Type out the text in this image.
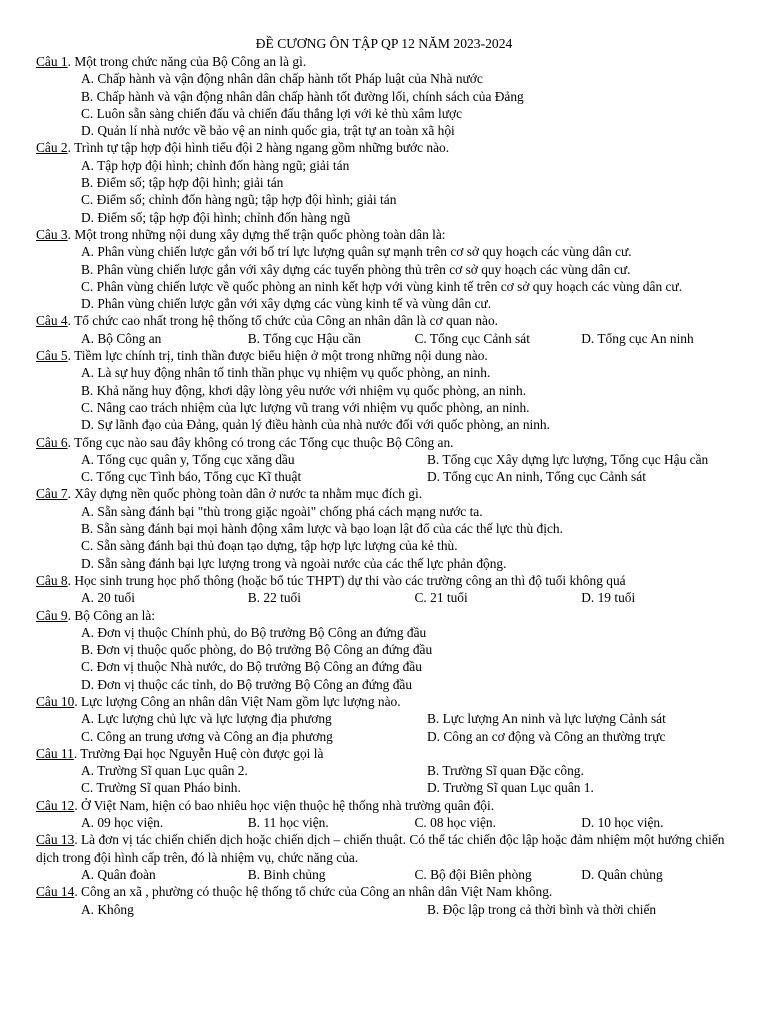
ĐỀ CƯƠNG ÔN TẬP QP 12 NĂM 2023-2024
Câu 1. Một trong chức năng của Bộ Công an là gì.
A. Chấp hành và vận động nhân dân chấp hành tốt Pháp luật của Nhà nước
B. Chấp hành và vận động nhân dân chấp hành tốt đường lối, chính sách của Đảng
C. Luôn sẵn sàng chiến đấu và chiến đấu thắng lợi với kẻ thù xâm lược
D. Quản lí nhà nước về bảo vệ an ninh quốc gia, trật tự an toàn xã hội
Câu 2. Trình tự tập hợp đội hình tiểu đội 2 hàng ngang gồm những bước nào.
A. Tập hợp đội hình; chỉnh đốn hàng ngũ; giải tán
B. Điểm số; tập hợp đội hình; giải tán
C. Điểm số; chỉnh đốn hàng ngũ; tập hợp đội hình; giải tán
D. Điểm số; tập hợp đội hình; chỉnh đốn hàng ngũ
Câu 3. Một trong những nội dung xây dựng thế trận quốc phòng toàn dân là:
A. Phân vùng chiến lược gắn với bố trí lực lượng quân sự mạnh trên cơ sở quy hoạch các vùng dân cư.
B. Phân vùng chiến lược gắn với xây dựng các tuyến phòng thủ trên cơ sở quy hoạch các vùng dân cư.
C. Phân vùng chiến lược về quốc phòng an ninh kết hợp với vùng kinh tế trên cơ sở quy hoạch các vùng dân cư.
D. Phân vùng chiến lược gắn với xây dựng các vùng kinh tế và vùng dân cư.
Câu 4. Tổ chức cao nhất trong hệ thống tổ chức của Công an nhân dân là cơ quan nào.
A. Bộ Công an	B. Tổng cục Hậu cần	C. Tổng cục Cảnh sát	D. Tổng cục An ninh
Câu 5. Tiềm lực chính trị, tinh thần được biểu hiện ở một trong những nội dung nào.
A. Là sự huy động nhân tố tinh thần phục vụ nhiệm vụ quốc phòng, an ninh.
B. Khả năng huy động, khơi dậy lòng yêu nước với nhiệm vụ quốc phòng, an ninh.
C. Nâng cao trách nhiệm của lực lượng vũ trang với nhiệm vụ quốc phòng, an ninh.
D. Sự lãnh đạo của Đảng, quản lý điều hành của nhà nước đối với quốc phòng, an ninh.
Câu 6. Tổng cục nào sau đây không có trong các Tổng cục thuộc Bộ Công an.
A. Tổng cục quân y, Tổng cục xăng dầu	B. Tổng cục Xây dựng lực lượng, Tổng cục Hậu cần
C. Tổng cục Tình báo, Tổng cục Kĩ thuật	D. Tổng cục An ninh, Tổng cục Cảnh sát
Câu 7. Xây dựng nền quốc phòng toàn dân ở nước ta nhằm mục đích gì.
A. Sẵn sàng đánh bại "thù trong giặc ngoài" chống phá cách mạng nước ta.
B. Sẵn sàng đánh bại mọi hành động xâm lược và bạo loạn lật đổ của các thế lực thù địch.
C. Sẵn sàng đánh bại thủ đoạn tạo dựng, tập hợp lực lượng của kẻ thù.
D. Sẵn sàng đánh bại lực lượng trong và ngoài nước của các thế lực phản động.
Câu 8. Học sinh trung học phổ thông (hoặc bổ túc THPT) dự thi vào các trường công an thì độ tuổi không quá
A. 20 tuổi	B. 22 tuổi	C. 21 tuổi	D. 19 tuổi
Câu 9. Bộ Công an là:
A. Đơn vị thuộc Chính phủ, do Bộ trưởng Bộ Công an đứng đầu
B. Đơn vị thuộc quốc phòng, do Bộ trưởng Bộ Công an đứng đầu
C. Đơn vị thuộc Nhà nước, do Bộ trưởng Bộ Công an đứng đầu
D. Đơn vị thuộc các tỉnh, do Bộ trưởng Bộ Công an đứng đầu
Câu 10. Lực lượng Công an nhân dân Việt Nam gồm lực lượng nào.
A. Lực lượng chủ lực và lực lượng địa phương	B. Lực lượng An ninh và lực lượng Cảnh sát
C. Công an trung ương và Công an địa phương	D. Công an cơ động và Công an thường trực
Câu 11. Trường Đại học Nguyễn Huệ còn được gọi là
A. Trường Sĩ quan Lục quân 2.	B. Trường Sĩ quan Đặc công.
C. Trường Sĩ quan Pháo binh.	D. Trường Sĩ quan Lục quân 1.
Câu 12. Ở Việt Nam, hiện có bao nhiêu học viện thuộc hệ thống nhà trường quân đội.
A. 09 học viện.	B. 11 học viện.	C. 08 học viện.	D. 10 học viện.
Câu 13. Là đơn vị tác chiến chiến dịch hoặc chiến dịch – chiến thuật. Có thể tác chiến độc lập hoặc đảm nhiệm một hướng chiến dịch trong đội hình cấp trên, đó là nhiệm vụ, chức năng của.
A. Quân đoàn	B. Binh chủng	C. Bộ đội Biên phòng	D. Quân chủng
Câu 14. Công an xã , phường có thuộc hệ thống tổ chức của Công an nhân dân Việt Nam không.
A. Không	B. Độc lập trong cả thời bình và thời chiến
